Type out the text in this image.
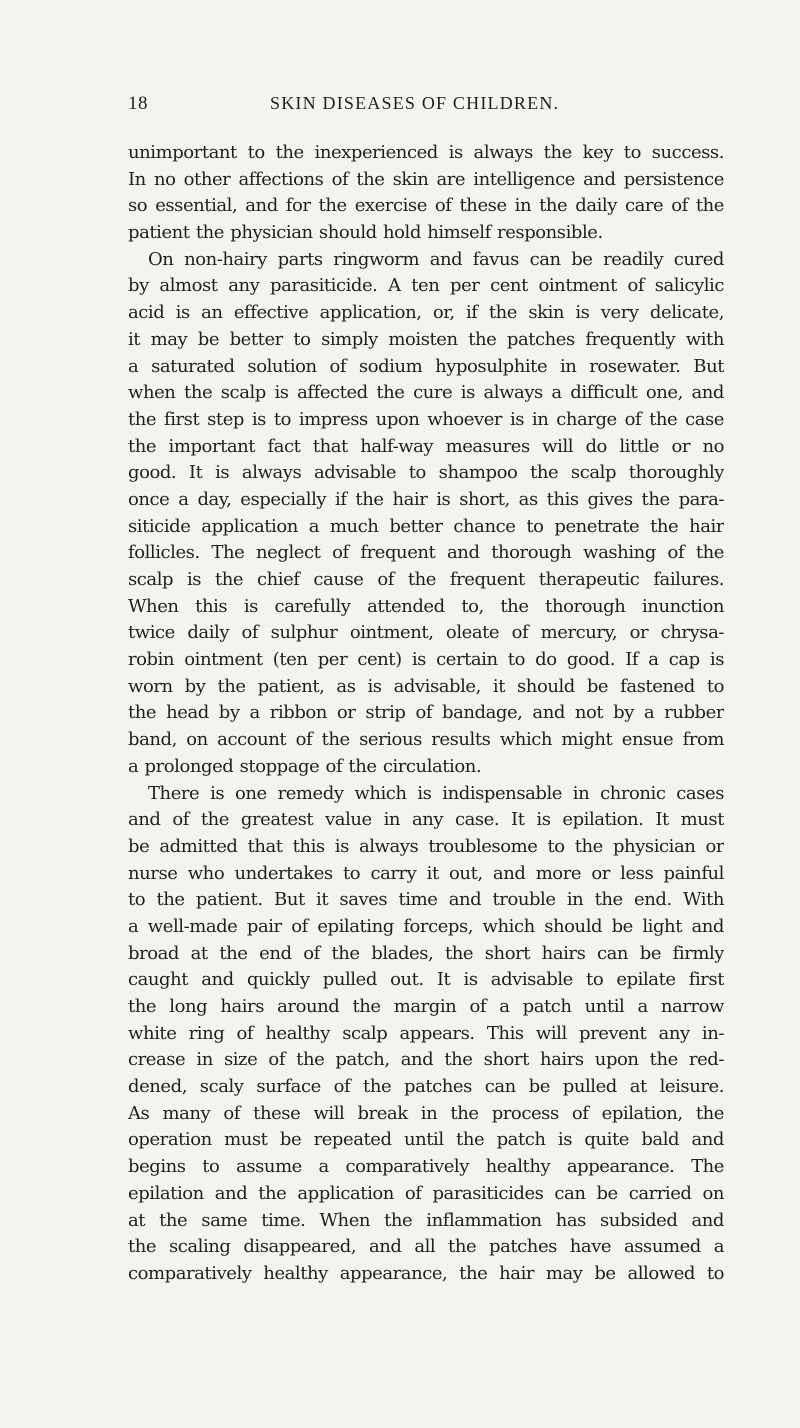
18	SKIN DISEASES OF CHILDREN.
unimportant to the inexperienced is always the key to success.
In no other affections of the skin are intelligence and persistence
so essential, and for the exercise of these in the daily care of the
patient the physician should hold himself responsible.
On non-hairy parts ringworm and favus can be readily cured
by almost any parasiticide. A ten per cent ointment of salicylic
acid is an effective application, or, if the skin is very delicate,
it may be better to simply moisten the patches frequently with
a saturated solution of sodium hyposulphite in rosewater. But
when the scalp is affected the cure is always a difficult one, and
the first step is to impress upon whoever is in charge of the case
the important fact that half-way measures will do little or no
good. It is always advisable to shampoo the scalp thoroughly
once a day, especially if the hair is short, as this gives the para-
siticide application a much better chance to penetrate the hair
follicles. The neglect of frequent and thorough washing of the
scalp is the chief cause of the frequent therapeutic failures.
When this is carefully attended to, the thorough inunction
twice daily of sulphur ointment, oleate of mercury, or chrysa-
robin ointment (ten per cent) is certain to do good. If a cap is
worn by the patient, as is advisable, it should be fastened to
the head by a ribbon or strip of bandage, and not by a rubber
band, on account of the serious results which might ensue from
a prolonged stoppage of the circulation.
There is one remedy which is indispensable in chronic cases
and of the greatest value in any case. It is epilation. It must
be admitted that this is always troublesome to the physician or
nurse who undertakes to carry it out, and more or less painful
to the patient. But it saves time and trouble in the end. With
a well-made pair of epilating forceps, which should be light and
broad at the end of the blades, the short hairs can be firmly
caught and quickly pulled out. It is advisable to epilate first
the long hairs around the margin of a patch until a narrow
white ring of healthy scalp appears. This will prevent any in-
crease in size of the patch, and the short hairs upon the red-
dened, scaly surface of the patches can be pulled at leisure.
As many of these will break in the process of epilation, the
operation must be repeated until the patch is quite bald and
begins to assume a comparatively healthy appearance. The
epilation and the application of parasiticides can be carried on
at the same time. When the inflammation has subsided and
the scaling disappeared, and all the patches have assumed a
comparatively healthy appearance, the hair may be allowed to
